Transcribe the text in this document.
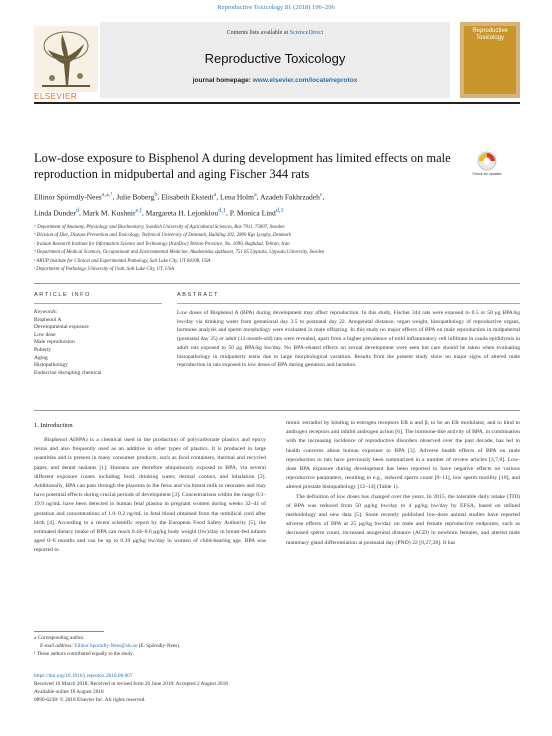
Reproductive Toxicology 81 (2018) 196–206
ELSEVIER
Contents lists available at ScienceDirect
Reproductive Toxicology
journal homepage: www.elsevier.com/locate/reprotox
Reproductive Toxicology
Low-dose exposure to Bisphenol A during development has limited effects on male reproduction in midpubertal and aging Fischer 344 rats	Check for updates
Ellinor Spörndly-Nees$^{a,⁎,^1}$, Julie Boberg$^b$, Elisabeth Ekstedt$^a$, Lena Holm$^a$, Azadeh Fakhrzadeh$^c$,
Linda Dunder$^d$, Mark M. Kushnir$^{e,f}$, Margareta H. Lejonklou$^{d,1}$, P. Monica Lind$^{d,1}$
ᵃ Department of Anatomy, Physiology and Biochemistry, Swedish University of Agricultural Sciences, Box 7011, 75007, Sweden
ᵇ Division of Diet, Disease Prevention and Toxicology, Technical University of Denmark, Building 202, 2800 Kgs Lyngby, Denmark
ᶜ Iranian Research Institute for Information Science and Technology (IranDoc) Tehran Province, No. 1090, Baghdad, Tehran, Iran
ᵈ Department of Medical Sciences, Occupational and Environmental Medicine, Akademiska sjukhuset, 751 85 Uppsala, Uppsala University, Sweden
ᵉ ARUP Institute for Clinical and Experimental Pathology, Salt Lake City, UT 84108, USA
ᶠ Department of Pathology, University of Utah, Salt Lake City, UT, USA
ARTICLE INFO	ABSTRACT
Keywords:
Bisphenol A
Developmental exposure
Low dose
Male reproduction
Puberty
Aging
Histopathology
Endocrine disrupting chemical
Low doses of Bisphenol A (BPA) during development may affect reproduction. In this study, Fischer 344 rats were exposed to 0.5 or 50 μg BPA/kg bw/day via drinking water from gestational day 3.5 to postnatal day 22. Anogenital distance, organ weight, histopathology of reproductive organs, hormone analysis and sperm morphology were evaluated in male offspring. In this study no major effects of BPA on male reproduction in midpubertal (postnatal day 35) or adult (12-month-old) rats were revealed, apart from a higher prevalence of mild inflammatory cell infiltrate in cauda epididymis in adult rats exposed to 50 μg BPA/kg bw/day. No BPA-related effects on sexual development were seen but care should be taken when evaluating histopathology in midpuberty testis due to large morphological variation. Results from the present study show no major signs of altered male reproduction in rats exposed to low doses of BPA during gestation and lactation.
1. Introduction

Bisphenol A(BPA) is a chemical used in the production of polycarbonate plastics and epoxy resins and also frequently used as an additive in other types of plastics. It is produced in large quantities and is present in many consumer products, such as food containers, thermal and recycled paper, and dental sealants [1]. Humans are therefore ubiquitously exposed to BPA, via several different exposure routes including food, drinking water, dermal contact, and inhalation [2]. Additionally, BPA can pass through the placenta to the fetus and via breast milk to neonates and may have potential effects during crucial periods of development [3]. Concentrations within the range 0.3–19.9 ng/mL have been detected in human fetal plasma in pregnant women during weeks 32–41 of gestation and concentrations of 1.0–9.2 ng/mL in fetal blood obtained from the umbilical cord after birth [4]. According to a recent scientific report by the European Food Safety Authority [5], the estimated dietary intake of BPA can reach 0.44–0.6 μg/kg body weight (bw)/day in breast-fed infants aged 0–6 months and can be up to 0.39 μg/kg bw/day in women of child-bearing age. BPA was reported to

mimic estradiol by binding to estrogen receptors ER α and β, to be an ER modulator, and to bind to androgen receptors and inhibit androgen action [6]. The hormone-like activity of BPA, in combination with the increasing incidence of reproductive disorders observed over the past decade, has led to health concerns about human exposure to BPA [3]. Adverse health effects of BPA on male reproduction in rats have previously been summarized in a number of review articles [3,7,8]. Low-dose BPA exposure during development has been reported to have negative effects on various reproductive parameters, resulting in e.g., reduced sperm count [9–11], low sperm motility [10], and altered prostate histopathology [12–14] (Table 1).

The definition of low doses has changed over the years. In 2015, the tolerable daily intake (TDI) of BPA was reduced from 50 μg/kg bw/day to 4 μg/kg bw/day by EFSA, based on refined methodology and new data [5]. Some recently published low-dose animal studies have reported adverse effects of BPA at 25 μg/kg bw/day on male and female reproductive endpoints, such as decreased sperm count, increased anogenital distance (AGD) in newborn females, and altered male mammary gland differentiation at postnatal day (PND) 22 [9,27,28]. It has

⁎ Corresponding author.
E-mail address: Ellinor.Sporndly-Nees@slu.se (E. Spörndly-Nees).
¹ These authors contributed equally to the study.
https://doi.org/10.1016/j.reprotox.2018.08.007
Received 16 March 2018; Received in revised form 26 June 2018; Accepted 2 August 2018
Available online 16 August 2018
0890-6238/ © 2018 Elsevier Inc. All rights reserved.
